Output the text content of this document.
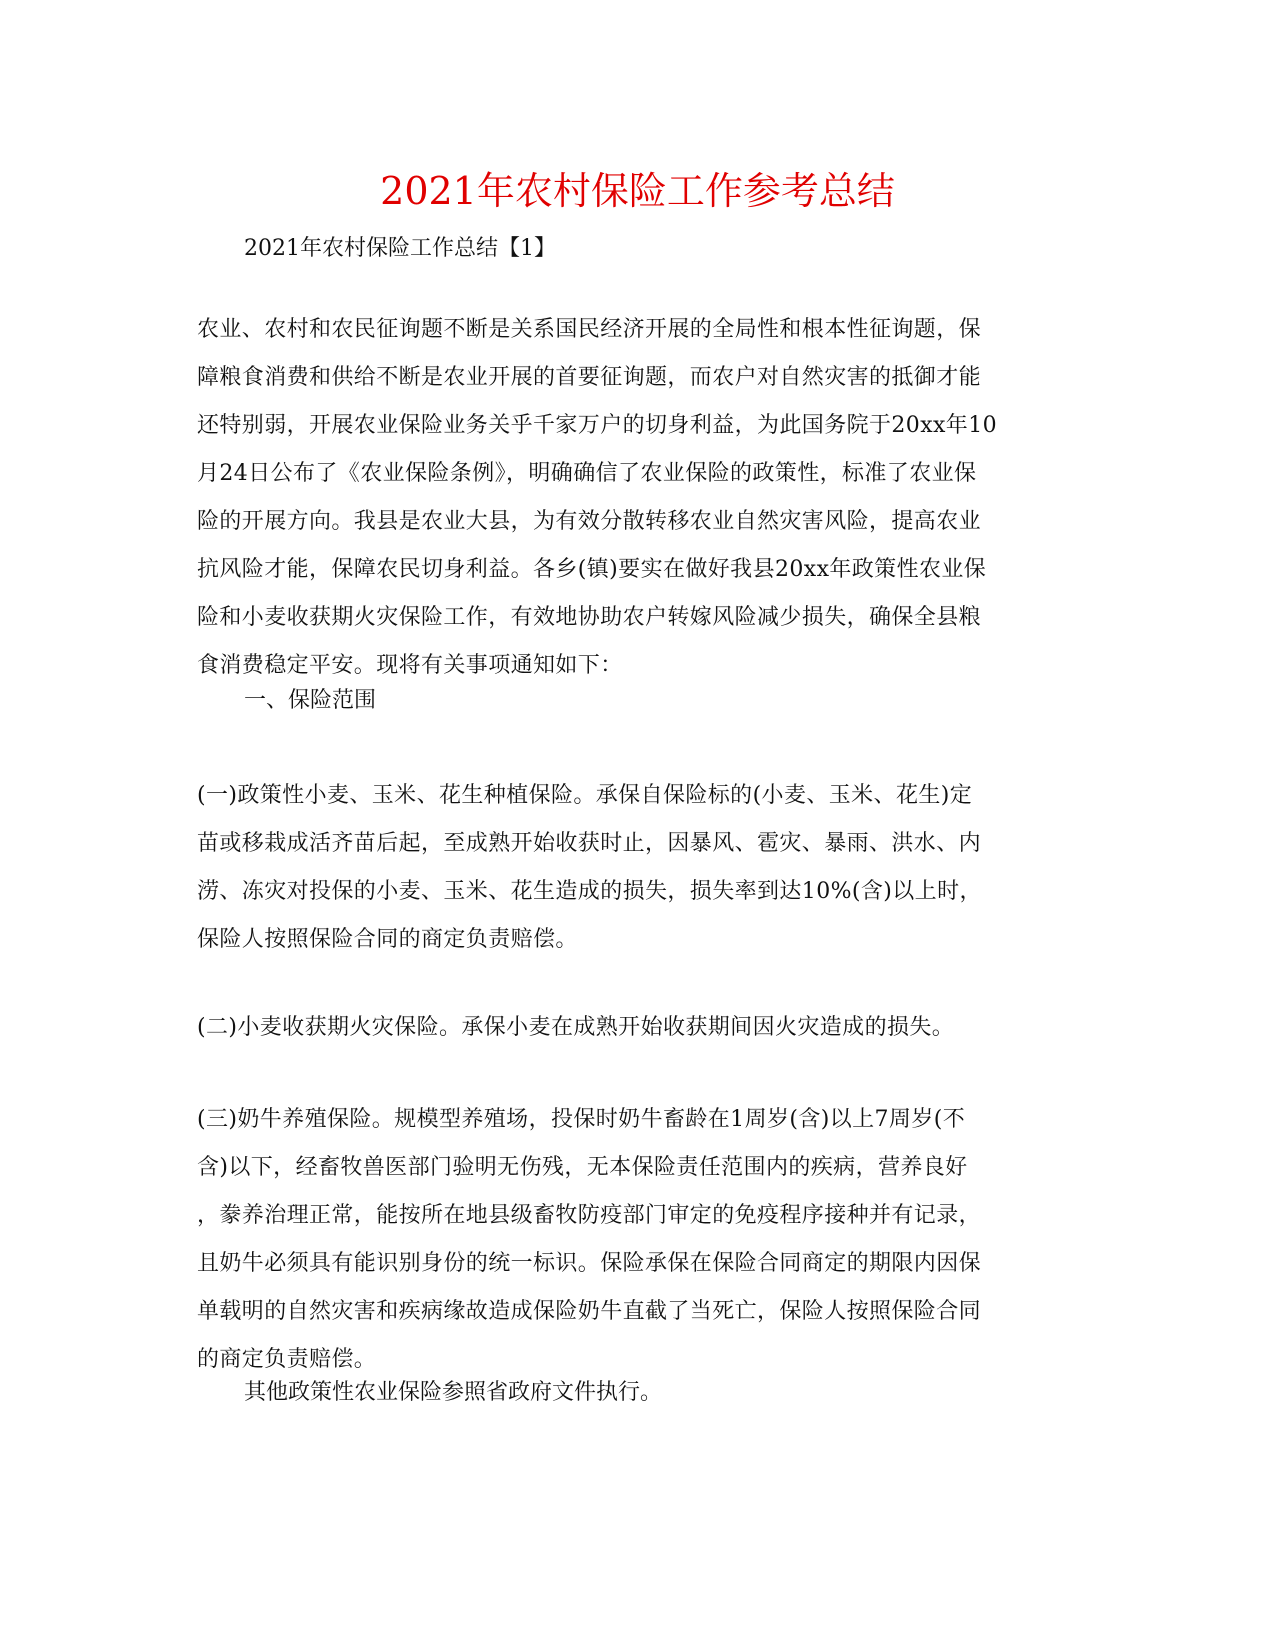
2021年农村保险工作参考总结

2021年农村保险工作总结【1】

农业、农村和农民征询题不断是关系国民经济开展的全局性和根本性征询题，保
障粮食消费和供给不断是农业开展的首要征询题，而农户对自然灾害的抵御才能
还特别弱，开展农业保险业务关乎千家万户的切身利益，为此国务院于20xx年10
月24日公布了《农业保险条例》，明确确信了农业保险的政策性，标准了农业保
险的开展方向。我县是农业大县，为有效分散转移农业自然灾害风险，提高农业
抗风险才能，保障农民切身利益。各乡(镇)要实在做好我县20xx年政策性农业保
险和小麦收获期火灾保险工作，有效地协助农户转嫁风险减少损失，确保全县粮
食消费稳定平安。现将有关事项通知如下：

一、保险范围

(一)政策性小麦、玉米、花生种植保险。承保自保险标的(小麦、玉米、花生)定
苗或移栽成活齐苗后起，至成熟开始收获时止，因暴风、雹灾、暴雨、洪水、内
涝、冻灾对投保的小麦、玉米、花生造成的损失，损失率到达10%(含)以上时，
保险人按照保险合同的商定负责赔偿。
(二)小麦收获期火灾保险。承保小麦在成熟开始收获期间因火灾造成的损失。
(三)奶牛养殖保险。规模型养殖场，投保时奶牛畜龄在1周岁(含)以上7周岁(不
含)以下，经畜牧兽医部门验明无伤残，无本保险责任范围内的疾病，营养良好
，豢养治理正常，能按所在地县级畜牧防疫部门审定的免疫程序接种并有记录，
且奶牛必须具有能识别身份的统一标识。保险承保在保险合同商定的期限内因保
单载明的自然灾害和疾病缘故造成保险奶牛直截了当死亡，保险人按照保险合同
的商定负责赔偿。

其他政策性农业保险参照省政府文件执行。
